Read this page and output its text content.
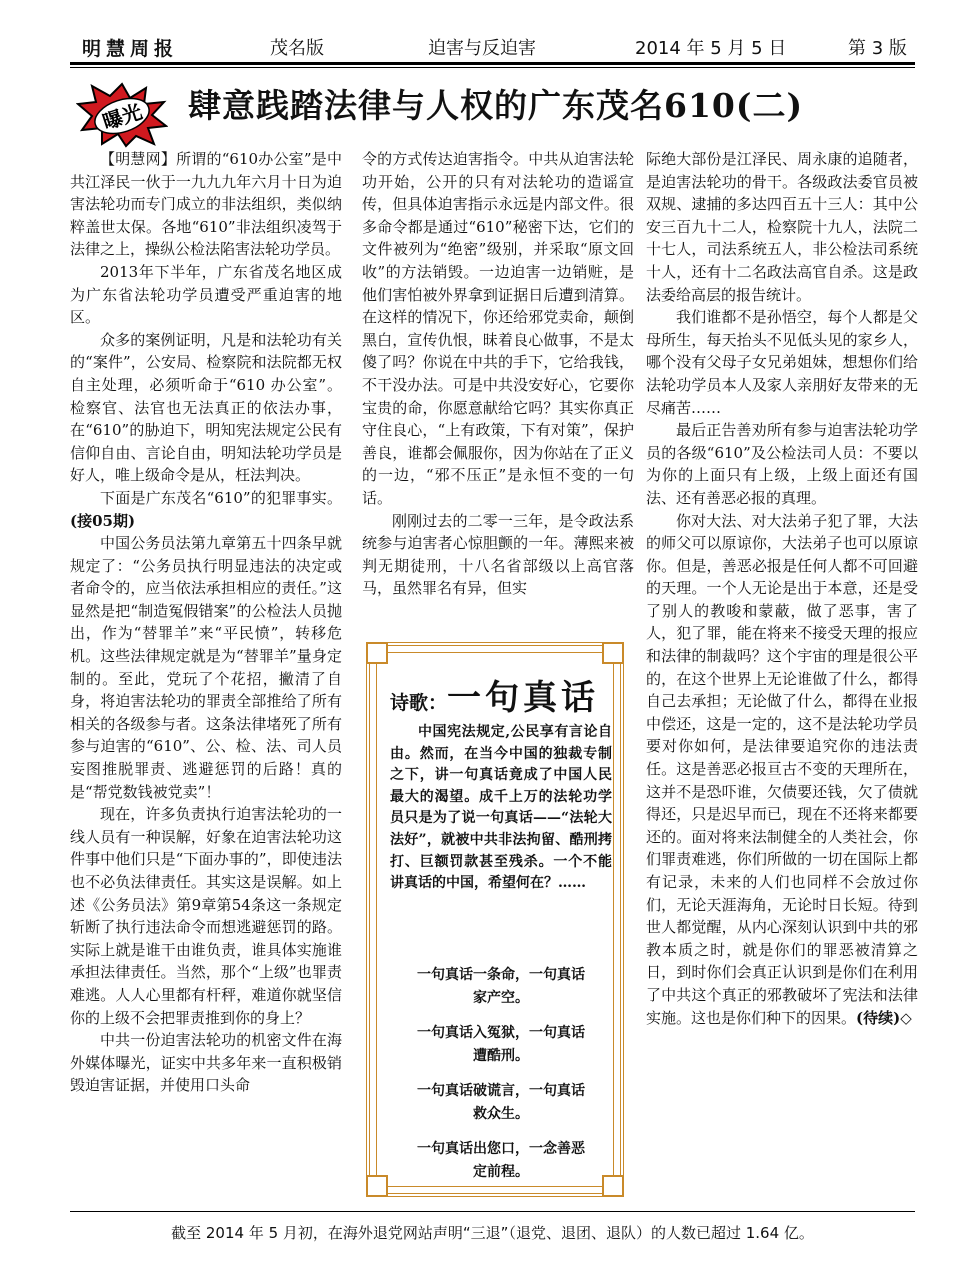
明慧周报	茂名版	迫害与反迫害	2014 年 5 月 5 日	第 3 版
曝光 肆意践踏法律与人权的广东茂名610(二)

【明慧网】所谓的“610办公室”是中共江泽民一伙于一九九九年六月十日为迫害法轮功而专门成立的非法组织，类似纳粹盖世太保。各地“610”非法组织凌驾于法律之上，操纵公检法陷害法轮功学员。

2013年下半年，广东省茂名地区成为广东省法轮功学员遭受严重迫害的地区。

众多的案例证明，凡是和法轮功有关的“案件”，公安局、检察院和法院都无权自主处理，必须听命于“610 办公室”。检察官、法官也无法真正的依法办事，在“610”的胁迫下，明知宪法规定公民有信仰自由、言论自由，明知法轮功学员是好人，唯上级命令是从，枉法判决。

下面是广东茂名“610”的犯罪事实。(接05期)

中国公务员法第九章第五十四条早就规定了：“公务员执行明显违法的决定或者命令的，应当依法承担相应的责任。”这显然是把“制造冤假错案”的公检法人员抛出，作为“替罪羊”来“平民愤”，转移危机。这些法律规定就是为“替罪羊”量身定制的。至此，党玩了个花招，撇清了自身，将迫害法轮功的罪责全部推给了所有相关的各级参与者。这条法律堵死了所有参与迫害的“610”、公、检、法、司人员妄图推脱罪责、逃避惩罚的后路！真的是“帮党数钱被党卖”！

现在，许多负责执行迫害法轮功的一线人员有一种误解，好象在迫害法轮功这件事中他们只是“下面办事的”，即使违法也不必负法律责任。其实这是误解。如上述《公务员法》第9章第54条这一条规定斩断了执行违法命令而想逃避惩罚的路。实际上就是谁干由谁负责，谁具体实施谁承担法律责任。当然，那个“上级”也罪责难逃。人人心里都有杆秤，难道你就坚信你的上级不会把罪责推到你的身上？

中共一份迫害法轮功的机密文件在海外媒体曝光，证实中共多年来一直积极销毁迫害证据，并使用口头命

令的方式传达迫害指令。中共从迫害法轮功开始，公开的只有对法轮功的造谣宣传，但具体迫害指示永远是内部文件。很多命令都是通过“610”秘密下达，它们的文件被列为“绝密”级别，并采取“原文回收”的方法销毁。一边迫害一边销赃，是他们害怕被外界拿到证据日后遭到清算。在这样的情况下，你还给邪党卖命，颠倒黑白，宣传仇恨，昧着良心做事，不是太傻了吗？你说在中共的手下，它给我钱，不干没办法。可是中共没安好心，它要你宝贵的命，你愿意献给它吗？其实你真正守住良心，“上有政策，下有对策”，保护善良，谁都会佩服你，因为你站在了正义的一边，“邪不压正”是永恒不变的一句话。

刚刚过去的二零一三年，是令政法系统参与迫害者心惊胆颤的一年。薄熙来被判无期徒刑，十八名省部级以上高官落马，虽然罪名有异，但实

诗歌：一句真话

中国宪法规定,公民享有言论自由。然而，在当今中国的独裁专制之下，讲一句真话竟成了中国人民最大的渴望。成千上万的法轮功学员只是为了说一句真话——“法轮大法好”，就被中共非法拘留、酷刑拷打、巨额罚款甚至残杀。一个不能讲真话的中国，希望何在？……

一句真话一条命，一句真话
家产空。
一句真话入冤狱，一句真话
遭酷刑。
一句真话破谎言，一句真话
救众生。
一句真话出您口，一念善恶
定前程。

际绝大部份是江泽民、周永康的追随者，是迫害法轮功的骨干。各级政法委官员被双规、逮捕的多达四百五十三人：其中公安三百九十二人，检察院十九人，法院二十七人，司法系统五人，非公检法司系统十人，还有十二名政法高官自杀。这是政法委给高层的报告统计。

我们谁都不是孙悟空，每个人都是父母所生，每天抬头不见低头见的家乡人，哪个没有父母子女兄弟姐妹，想想你们给法轮功学员本人及家人亲朋好友带来的无尽痛苦……

最后正告善劝所有参与迫害法轮功学员的各级“610”及公检法司人员：不要以为你的上面只有上级，上级上面还有国法、还有善恶必报的真理。

你对大法、对大法弟子犯了罪，大法的师父可以原谅你，大法弟子也可以原谅你。但是，善恶必报是任何人都不可回避的天理。一个人无论是出于本意，还是受了别人的教唆和蒙蔽，做了恶事，害了人，犯了罪，能在将来不接受天理的报应和法律的制裁吗？这个宇宙的理是很公平的，在这个世界上无论谁做了什么，都得自己去承担；无论做了什么，都得在业报中偿还，这是一定的，这不是法轮功学员要对你如何，是法律要追究你的违法责任。这是善恶必报亘古不变的天理所在，这并不是恐吓谁，欠债要还钱，欠了债就得还，只是迟早而已，现在不还将来都要还的。面对将来法制健全的人类社会，你们罪责难逃，你们所做的一切在国际上都有记录，未来的人们也同样不会放过你们，无论天涯海角，无论时日长短。待到世人都觉醒，从内心深刻认识到中共的邪教本质之时，就是你们的罪恶被清算之日，到时你们会真正认识到是你们在利用了中共这个真正的邪教破坏了宪法和法律实施。这也是你们种下的因果。(待续)◇

截至 2014 年 5 月初，在海外退党网站声明“三退”（退党、退团、退队）的人数已超过 1.64 亿。
